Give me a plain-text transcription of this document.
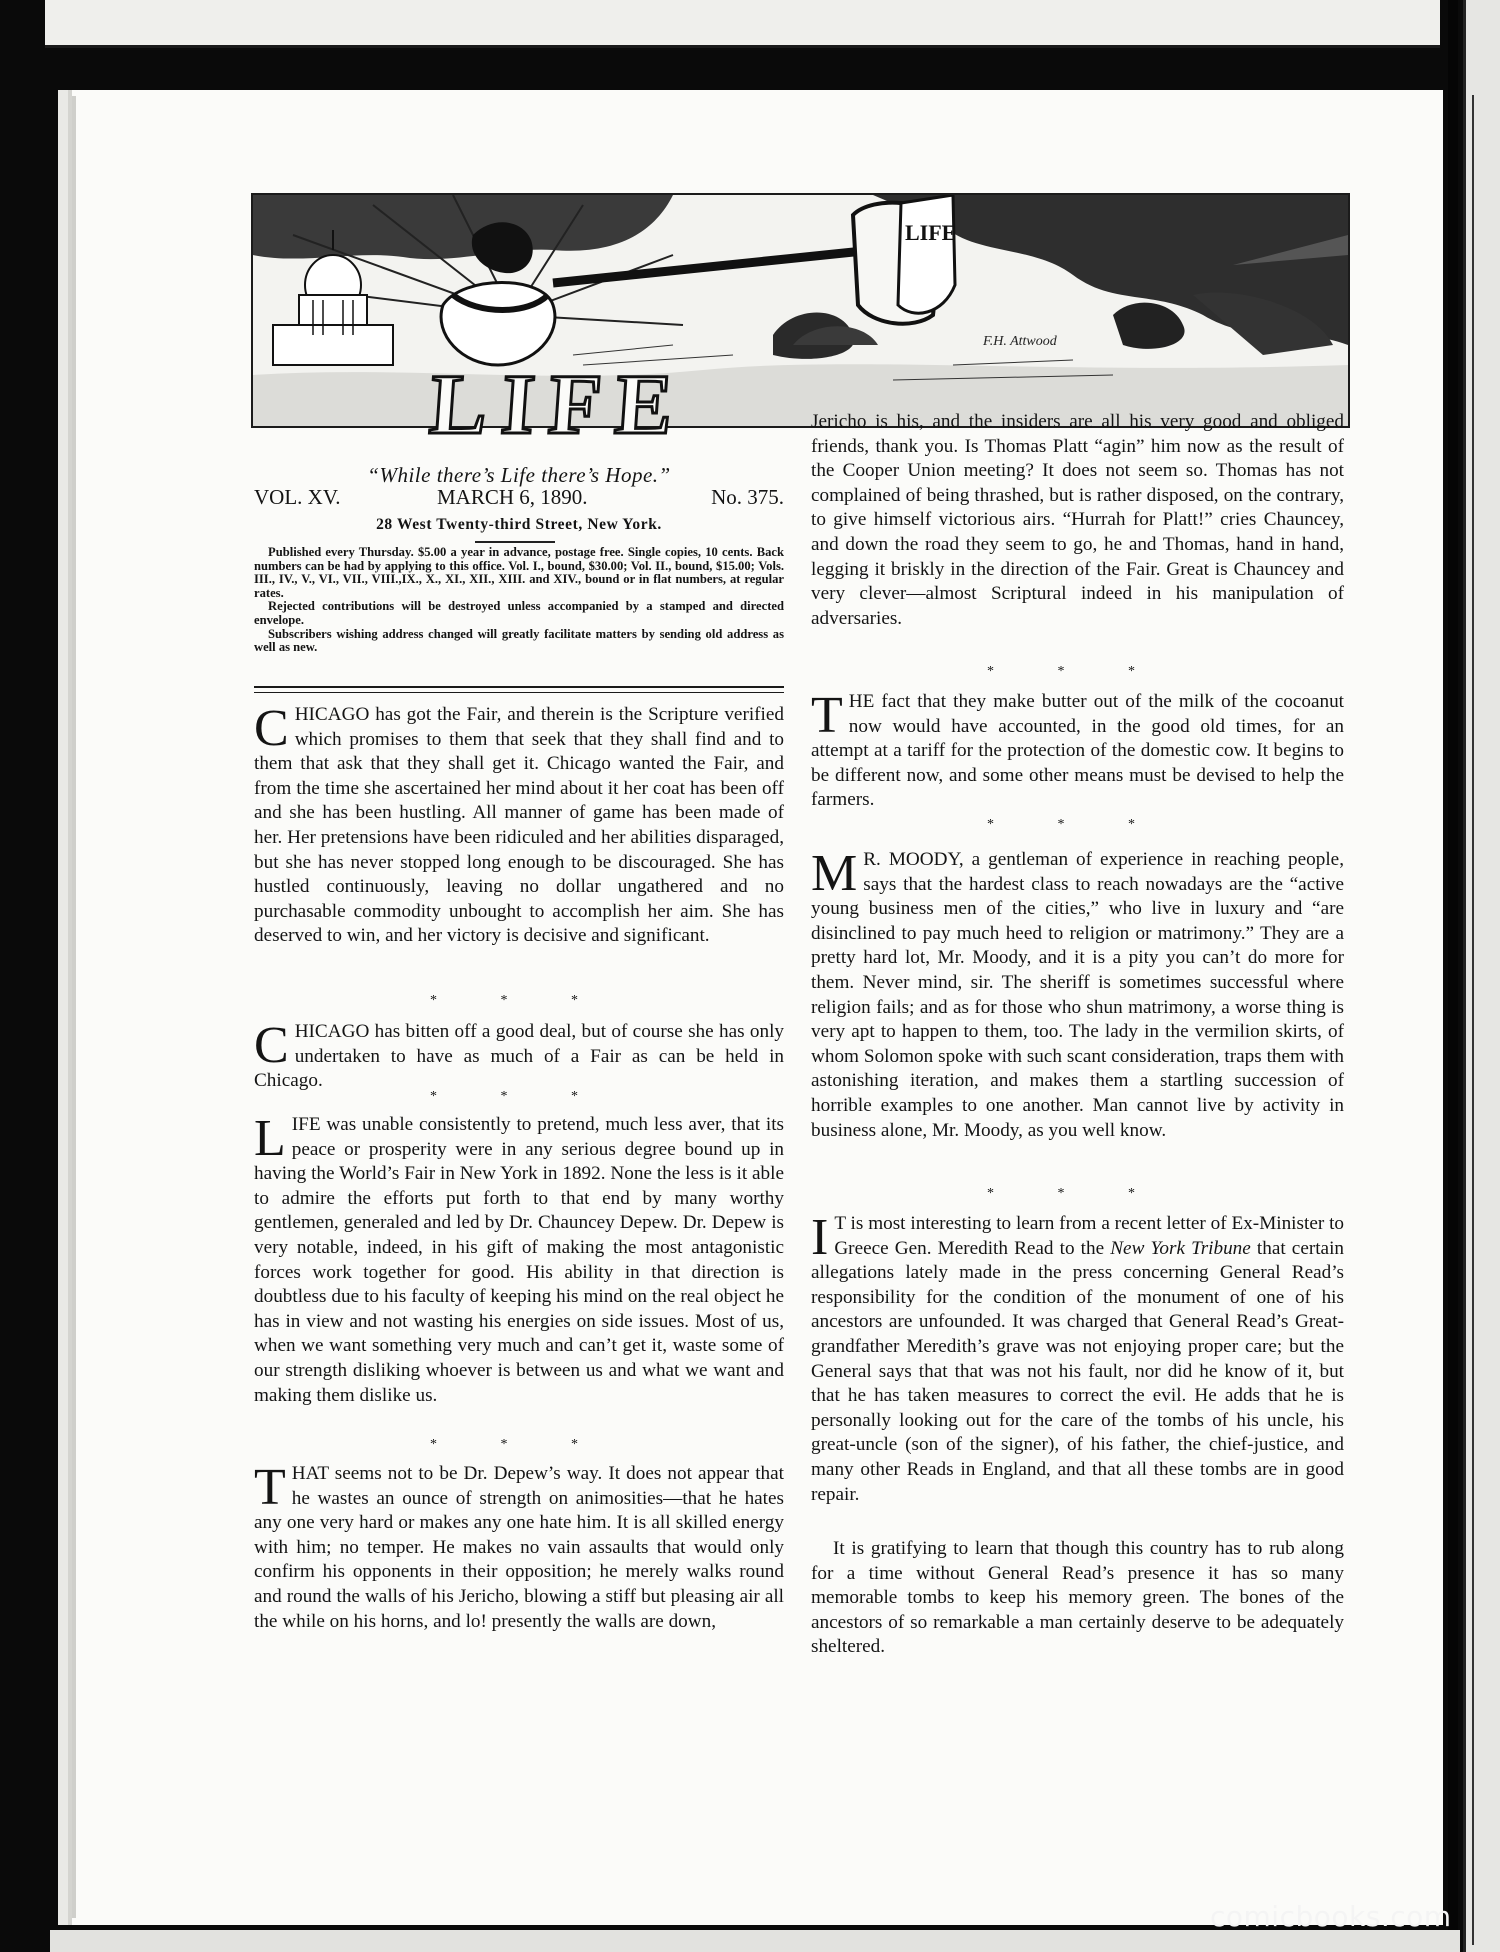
LIFE
F.H. Attwood
LIFE
“While there’s Life there’s Hope.”
VOL. XV.	MARCH 6, 1890.	No. 375.
28 West Twenty-third Street, New York.

Published every Thursday. $5.00 a year in advance, postage free. Single copies, 10 cents. Back numbers can be had by applying to this office. Vol. I., bound, $30.00; Vol. II., bound, $15.00; Vols. III., IV., V., VI., VII., VIII.,IX., X., XI., XII., XIII. and XIV., bound or in flat numbers, at regular rates.

Rejected contributions will be destroyed unless accompanied by a stamped and directed envelope.

Subscribers wishing address changed will greatly facilitate matters by sending old address as well as new.

CHICAGO has got the Fair, and therein is the Scripture verified which promises to them that seek that they shall find and to them that ask that they shall get it. Chicago wanted the Fair, and from the time she ascertained her mind about it her coat has been off and she has been hustling. All manner of game has been made of her. Her pretensions have been ridiculed and her abilities disparaged, but she has never stopped long enough to be discouraged. She has hustled continuously, leaving no dollar ungathered and no purchasable commodity unbought to accomplish her aim. She has deserved to win, and her victory is decisive and significant.
* * *
CHICAGO has bitten off a good deal, but of course she has only undertaken to have as much of a Fair as can be held in Chicago.
* * *
LIFE was unable consistently to pretend, much less aver, that its peace or prosperity were in any serious degree bound up in having the World’s Fair in New York in 1892. None the less is it able to admire the efforts put forth to that end by many worthy gentlemen, generaled and led by Dr. Chauncey Depew. Dr. Depew is very notable, indeed, in his gift of making the most antagonistic forces work together for good. His ability in that direction is doubtless due to his faculty of keeping his mind on the real object he has in view and not wasting his energies on side issues. Most of us, when we want something very much and can’t get it, waste some of our strength disliking whoever is between us and what we want and making them dislike us.
* * *
THAT seems not to be Dr. Depew’s way. It does not appear that he wastes an ounce of strength on animosities—that he hates any one very hard or makes any one hate him. It is all skilled energy with him; no temper. He makes no vain assaults that would only confirm his opponents in their opposition; he merely walks round and round the walls of his Jericho, blowing a stiff but pleasing air all the while on his horns, and lo! presently the walls are down,

Jericho is his, and the insiders are all his very good and obliged friends, thank you. Is Thomas Platt “agin” him now as the result of the Cooper Union meeting? It does not seem so. Thomas has not complained of being thrashed, but is rather disposed, on the contrary, to give himself victorious airs. “Hurrah for Platt!” cries Chauncey, and down the road they seem to go, he and Thomas, hand in hand, legging it briskly in the direction of the Fair. Great is Chauncey and very clever—almost Scriptural indeed in his manipulation of adversaries.

* * *
THE fact that they make butter out of the milk of the cocoanut now would have accounted, in the good old times, for an attempt at a tariff for the protection of the domestic cow. It begins to be different now, and some other means must be devised to help the farmers.
* * *
M R. MOODY, a gentleman of experience in reaching people, says that the hardest class to reach nowadays are the “active young business men of the cities,” who live in luxury and “are disinclined to pay much heed to religion or matrimony.” They are a pretty hard lot, Mr. Moody, and it is a pity you can’t do more for them. Never mind, sir. The sheriff is sometimes successful where religion fails; and as for those who shun matrimony, a worse thing is very apt to happen to them, too. The lady in the vermilion skirts, of whom Solomon spoke with such scant consideration, traps them with astonishing iteration, and makes them a startling succession of horrible examples to one another. Man cannot live by activity in business alone, Mr. Moody, as you well know.
* * *
I T is most interesting to learn from a recent letter of Ex-Minister to Greece Gen. Meredith Read to the New York Tribune that certain allegations lately made in the press concerning General Read’s responsibility for the condition of the monument of one of his ancestors are unfounded. It was charged that General Read’s Great-grandfather Meredith’s grave was not enjoying proper care; but the General says that that was not his fault, nor did he know of it, but that he has taken measures to correct the evil. He adds that he is personally looking out for the care of the tombs of his uncle, his great-uncle (son of the signer), of his father, the chief-justice, and many other Reads in England, and that all these tombs are in good repair.

It is gratifying to learn that though this country has to rub along for a time without General Read’s presence it has so many memorable tombs to keep his memory green. The bones of the ancestors of so remarkable a man certainly deserve to be adequately sheltered.

comicbooks.com
